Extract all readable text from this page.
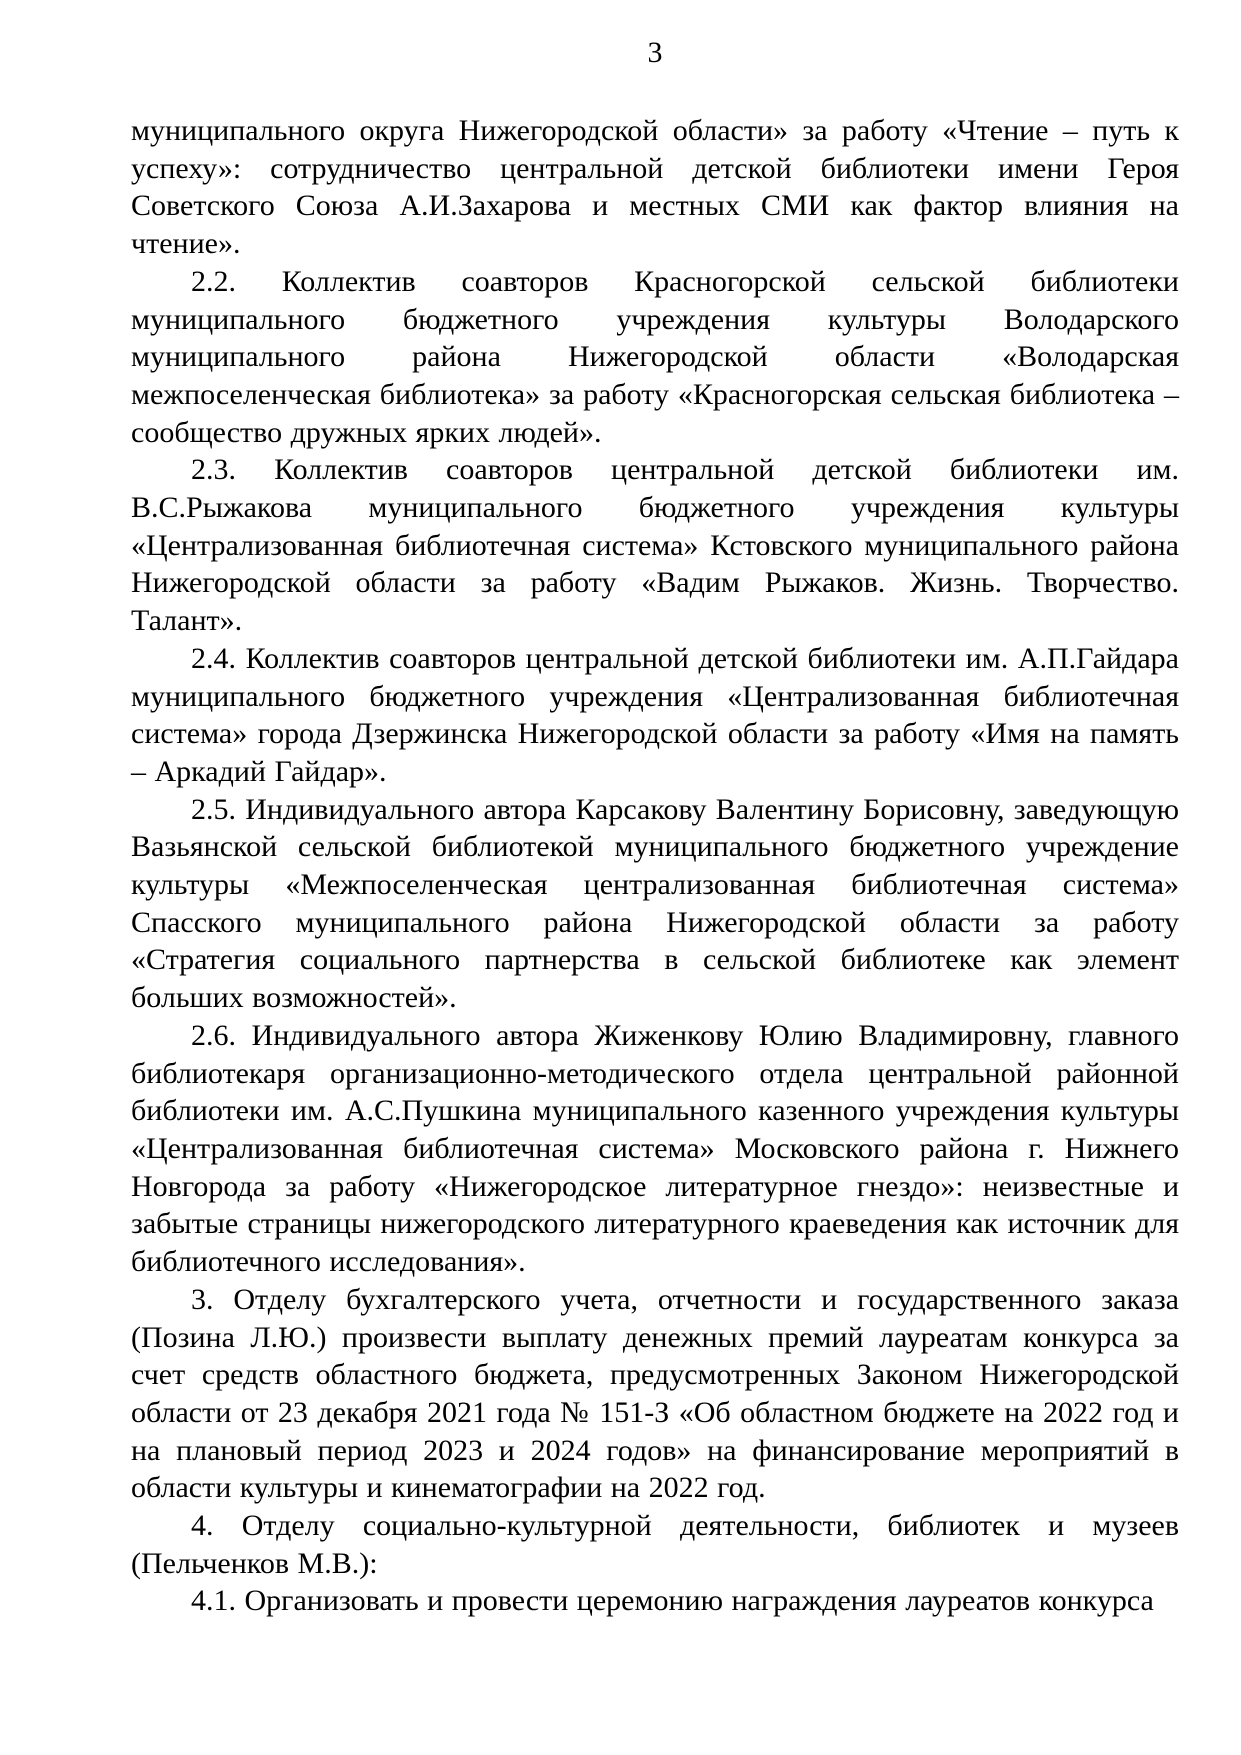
3

муниципального округа Нижегородской области» за работу «Чтение – путь к успеху»: сотрудничество центральной детской библиотеки имени Героя Советского Союза А.И.Захарова и местных СМИ как фактор влияния на чтение».

2.2. Коллектив соавторов Красногорской сельской библиотеки муниципального бюджетного учреждения культуры Володарского муниципального района Нижегородской области «Володарская межпоселенческая библиотека» за работу «Красногорская сельская библиотека – сообщество дружных ярких людей».

2.3. Коллектив соавторов центральной детской библиотеки им. В.С.Рыжакова муниципального бюджетного учреждения культуры «Централизованная библиотечная система» Кстовского муниципального района Нижегородской области за работу «Вадим Рыжаков. Жизнь. Творчество. Талант».

2.4. Коллектив соавторов центральной детской библиотеки им. А.П.Гайдара муниципального бюджетного учреждения «Централизованная библиотечная система» города Дзержинска Нижегородской области за работу «Имя на память – Аркадий Гайдар».

2.5. Индивидуального автора Карсакову Валентину Борисовну, заведующую Вазьянской сельской библиотекой муниципального бюджетного учреждение культуры «Межпоселенческая централизованная библиотечная система» Спасского муниципального района Нижегородской области за работу «Стратегия социального партнерства в сельской библиотеке как элемент больших возможностей».

2.6. Индивидуального автора Жиженкову Юлию Владимировну, главного библиотекаря организационно-методического отдела центральной районной библиотеки им. А.С.Пушкина муниципального казенного учреждения культуры «Централизованная библиотечная система» Московского района г. Нижнего Новгорода за работу «Нижегородское литературное гнездо»: неизвестные и забытые страницы нижегородского литературного краеведения как источник для библиотечного исследования».

3. Отделу бухгалтерского учета, отчетности и государственного заказа (Позина Л.Ю.) произвести выплату денежных премий лауреатам конкурса за счет средств областного бюджета, предусмотренных Законом Нижегородской области от 23 декабря 2021 года № 151-З «Об областном бюджете на 2022 год и на плановый период 2023 и 2024 годов» на финансирование мероприятий в области культуры и кинематографии на 2022 год.

4. Отделу социально-культурной деятельности, библиотек и музеев (Пельченков М.В.):

4.1. Организовать и провести церемонию награждения лауреатов конкурса
